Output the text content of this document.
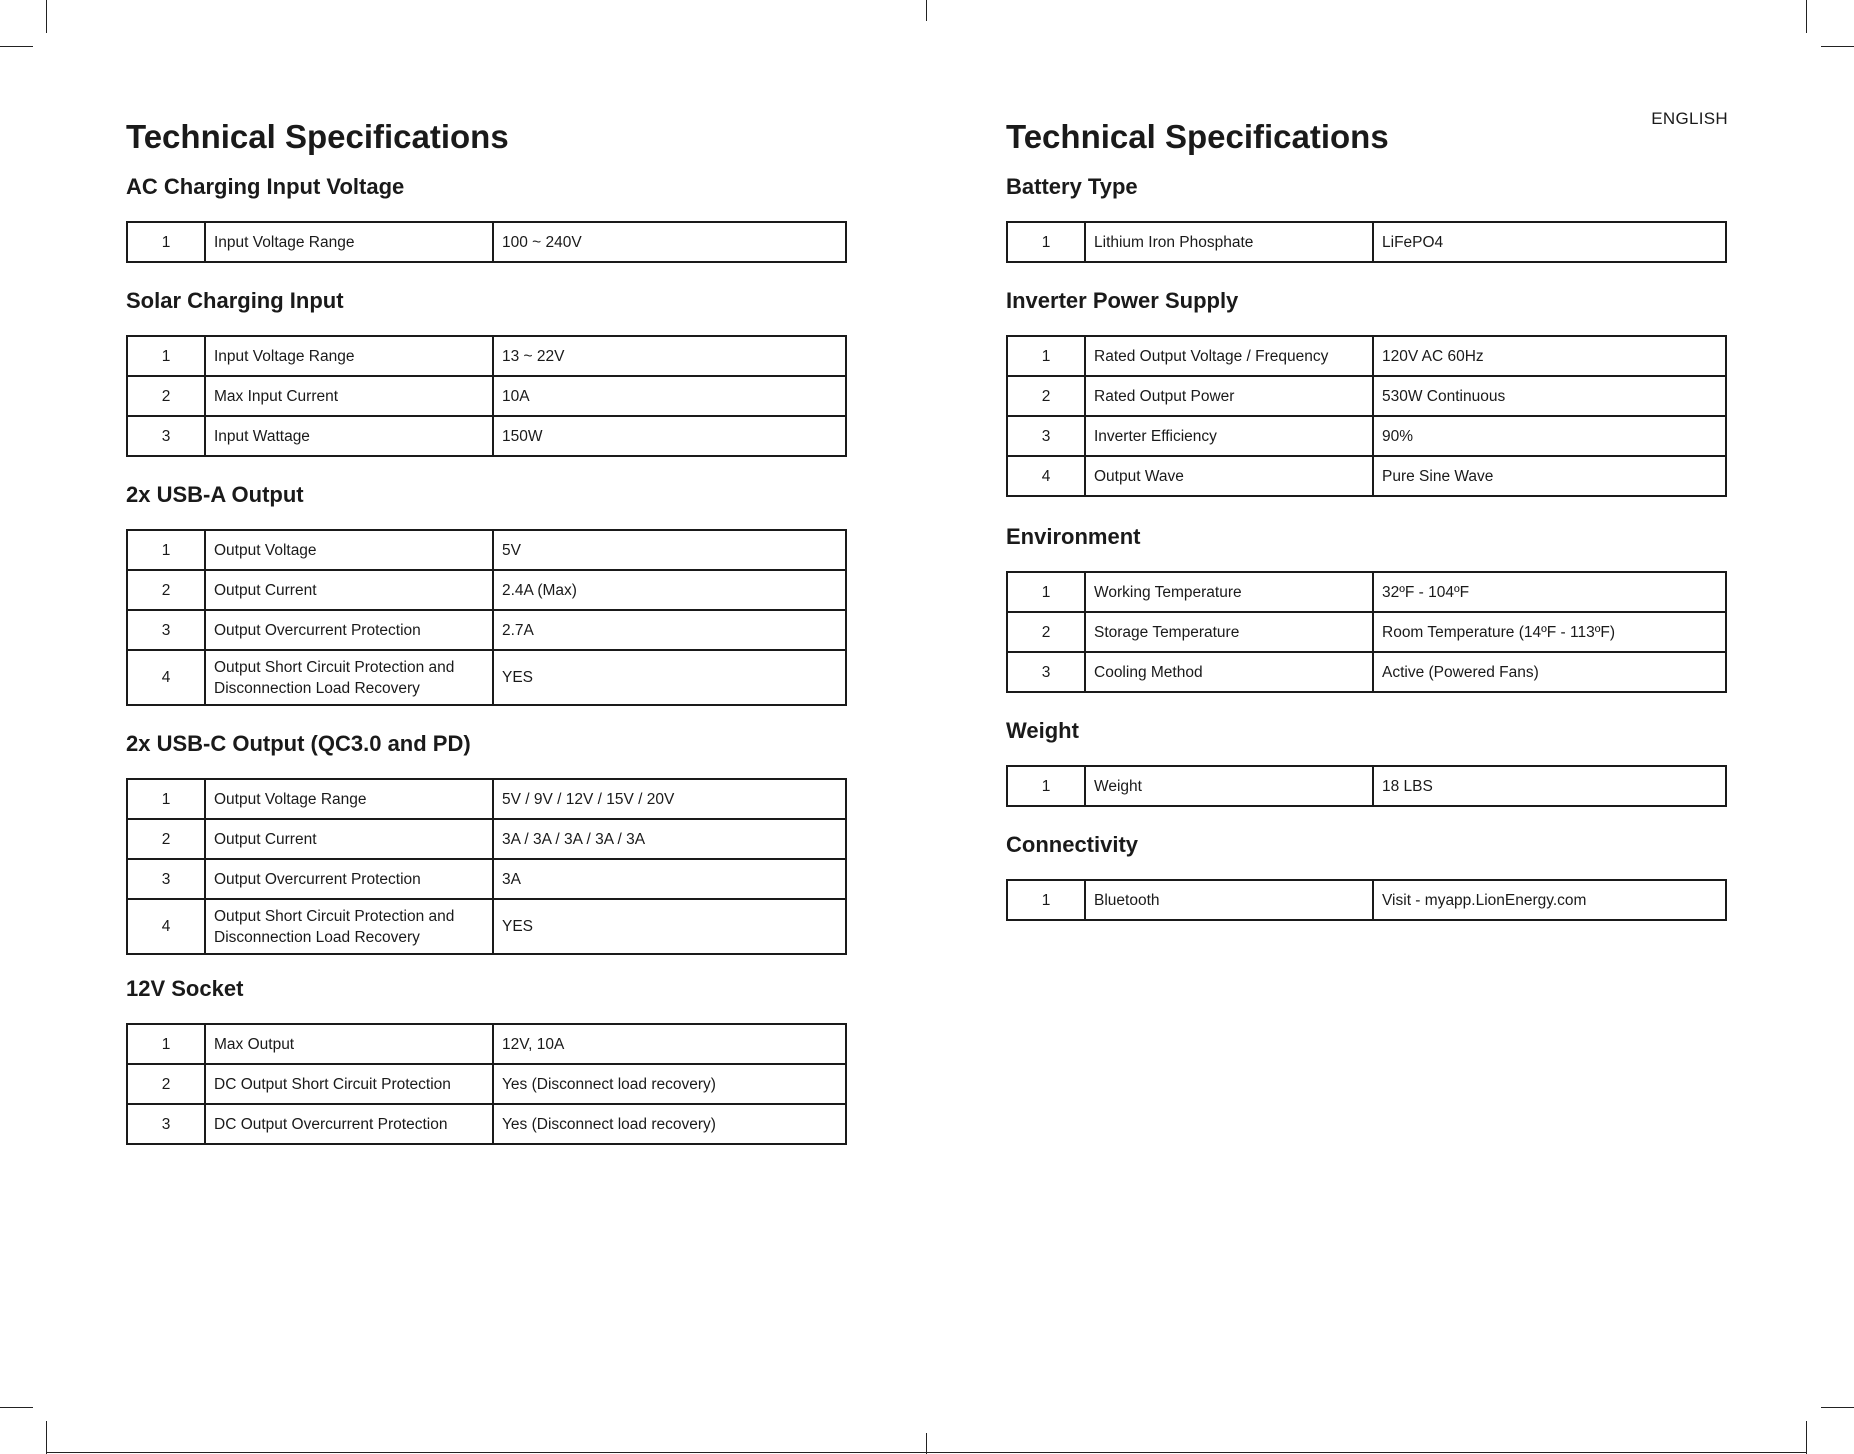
Technical Specifications
AC Charging Input Voltage
1	Input Voltage Range	100 ~ 240V
Solar Charging Input
1	Input Voltage Range	13 ~ 22V
2	Max Input Current	10A
3	Input Wattage	150W
2x USB-A Output
1	Output Voltage	5V
2	Output Current	2.4A (Max)
3	Output Overcurrent Protection	2.7A
4	Output Short Circuit Protection and Disconnection Load Recovery	YES
2x USB-C Output (QC3.0 and PD)
1	Output Voltage Range	5V / 9V / 12V / 15V / 20V
2	Output Current	3A / 3A / 3A / 3A / 3A
3	Output Overcurrent Protection	3A
4	Output Short Circuit Protection and Disconnection Load Recovery	YES
12V Socket
1	Max Output	12V, 10A
2	DC Output Short Circuit Protection	Yes (Disconnect load recovery)
3	DC Output Overcurrent Protection	Yes (Disconnect load recovery)
ENGLISH
Technical Specifications
Battery Type
1	Lithium Iron Phosphate	LiFePO4
Inverter Power Supply
1	Rated Output Voltage / Frequency	120V AC 60Hz
2	Rated Output Power	530W Continuous
3	Inverter Efficiency	90%
4	Output Wave	Pure Sine Wave
Environment
1	Working Temperature	32ºF - 104ºF
2	Storage Temperature	Room Temperature (14ºF - 113ºF)
3	Cooling Method	Active (Powered Fans)
Weight
1	Weight	18 LBS
Connectivity
1	Bluetooth	Visit - myapp.LionEnergy.com
